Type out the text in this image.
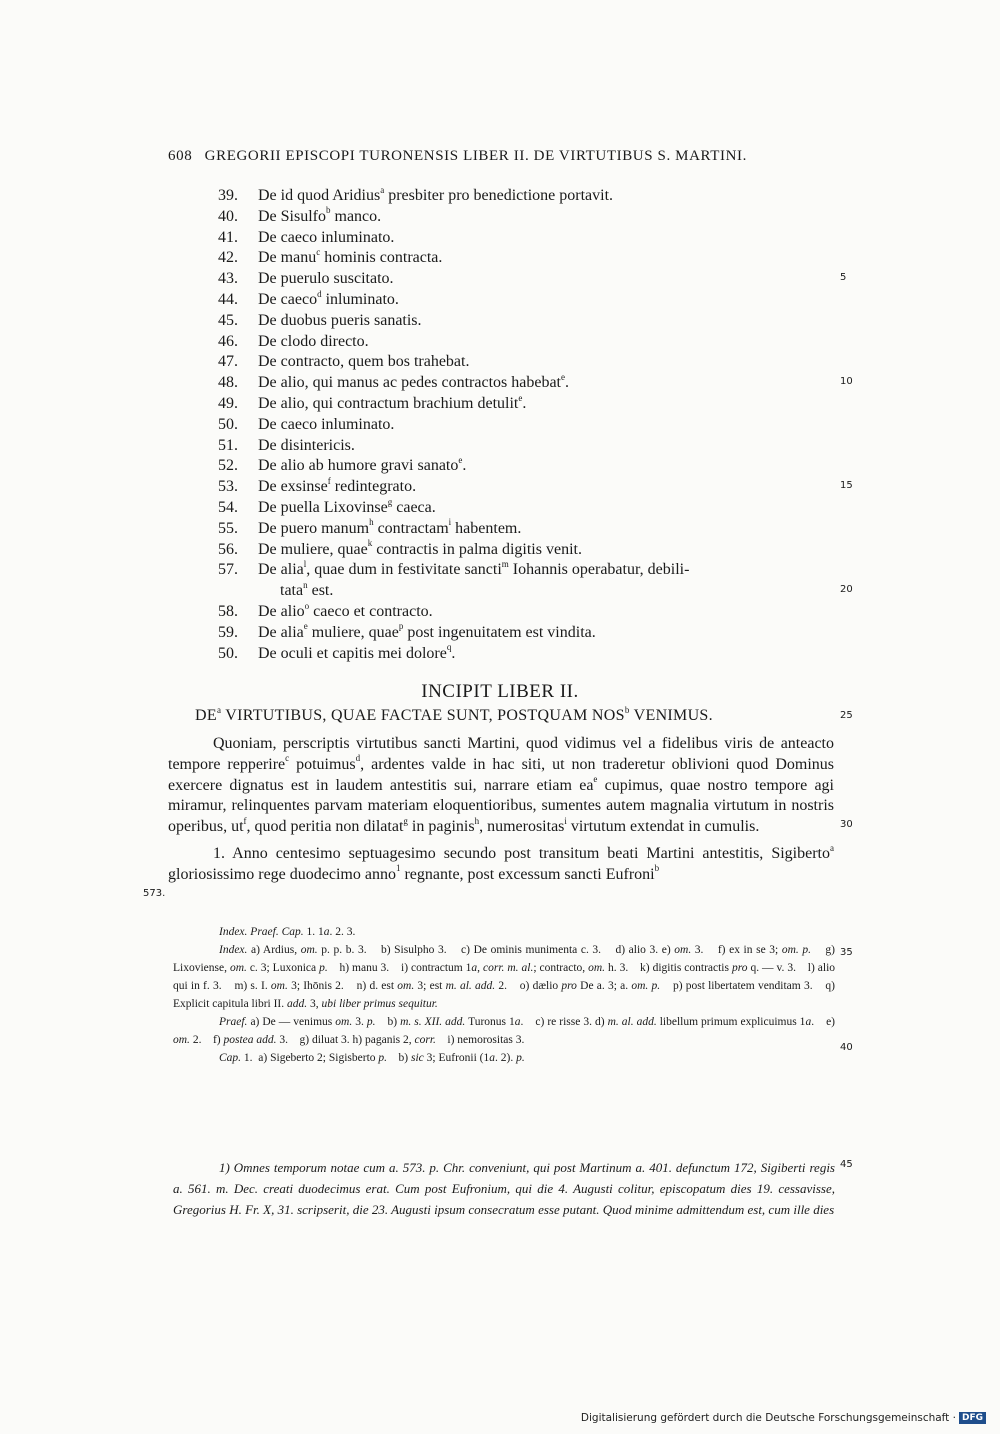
608 GREGORII EPISCOPI TURONENSIS LIBER II. DE VIRTUTIBUS S. MARTINI.
39. De id quod Aridius$^a$ presbiter pro benedictione portavit.
40. De Sisulfo$^b$ manco.
41. De caeco inluminato.
42. De manu$^c$ hominis contracta.
43. De puerulo suscitato.
44. De caeco$^d$ inluminato.
45. De duobus pueris sanatis.
46. De clodo directo.
47. De contracto, quem bos trahebat.
48. De alio, qui manus ac pedes contractos habebat$^e$.
49. De alio, qui contractum brachium detulit$^e$.
50. De caeco inluminato.
51. De disintericis.
52. De alio ab humore gravi sanato$^e$.
53. De exsinse$^f$ redintegrato.
54. De puella Lixovinse$^g$ caeca.
55. De puero manum$^h$ contractam$^i$ habentem.
56. De muliere, quae$^k$ contractis in palma digitis venit.
57. De alia$^l$, quae dum in festivitate sancti$^m$ Iohannis operabatur, debili-
tata$^n$ est.
58. De alio$^o$ caeco et contracto.
59. De alia$^e$ muliere, quae$^p$ post ingenuitatem est vindita.
50. De oculi et capitis mei dolore$^q$.
5
10
15
20
25
30
35
40
45
INCIPIT LIBER II.
$DE^a$ VIRTUTIBUS, QUAE FACTAE SUNT, POSTQUAM NOS$^b$ VENIMUS.

Quoniam, perscriptis virtutibus sancti Martini, quod vidimus vel a fidelibus viris de anteacto tempore repperire$^c$ potuimus$^d$, ardentes valde in hac siti, ut non traderetur oblivioni quod Dominus exercere dignatus est in laudem antestitis sui, narrare etiam $ea^e$ cupimus, quae nostro tempore agi miramur, relinquentes parvam materiam eloquentioribus, sumentes autem magnalia virtutum in nostris operibus, $ut^f$, quod peritia non dilatat$^g$ in paginis$^h$, numerositas$^i$ virtutum extendat in cumulis.

1. Anno centesimo septuagesimo secundo post transitum beati Martini antestitis, Sigiberto$^a$ gloriosissimo rege duodecimo anno$^1$ regnante, post excessum sancti Eufroni$^b$

573.

Index. Praef. Cap. 1. 1a. 2. 3.

Index. a) Ardius, om. p. p. b. 3.    b) Sisulpho 3.    c) De ominis munimenta c. 3.    d) alio 3. e) om. 3.    f) ex in se 3; om. p.    g) Lixoviense, om. c. 3; Luxonica p.    h) manu 3.    i) contractum 1a, corr. m. al.; contracto, om. h. 3.    k) digitis contractis pro q. — v. 3.    l) alio qui in f. 3.    m) s. I. om. 3; Ihōnis 2.    n) d. est om. 3; est m. al. add. 2.    o) dælio pro De a. 3; a. om. p.    p) post libertatem venditam 3.    q) Explicit capitula libri II. add. 3, ubi liber primus sequitur.

Praef. a) De — venimus om. 3. p.    b) m. s. XII. add. Turonus 1a.    c) re risse 3. d) m. al. add. libellum primum explicuimus 1a.    e) om. 2.    f) postea add. 3.    g) diluat 3. h) paganis 2, corr.    i) nemorositas 3.

Cap. 1.  a) Sigeberto 2; Sigisberto p.    b) sic 3; Eufronii (1a. 2). p.

1) Omnes temporum notae cum a. 573. p. Chr. conveniunt, qui post Martinum a. 401. defunctum 172, Sigiberti regis a. 561. m. Dec. creati duodecimus erat. Cum post Eufronium, qui die 4. Augusti colitur, episcopatum dies 19. cessavisse, Gregorius H. Fr. X, 31. scripserit, die 23. Augusti ipsum consecratum esse putant. Quod minime admittendum est, cum ille dies

Digitalisierung gefördert durch die Deutsche Forschungsgemeinschaft · DFG
